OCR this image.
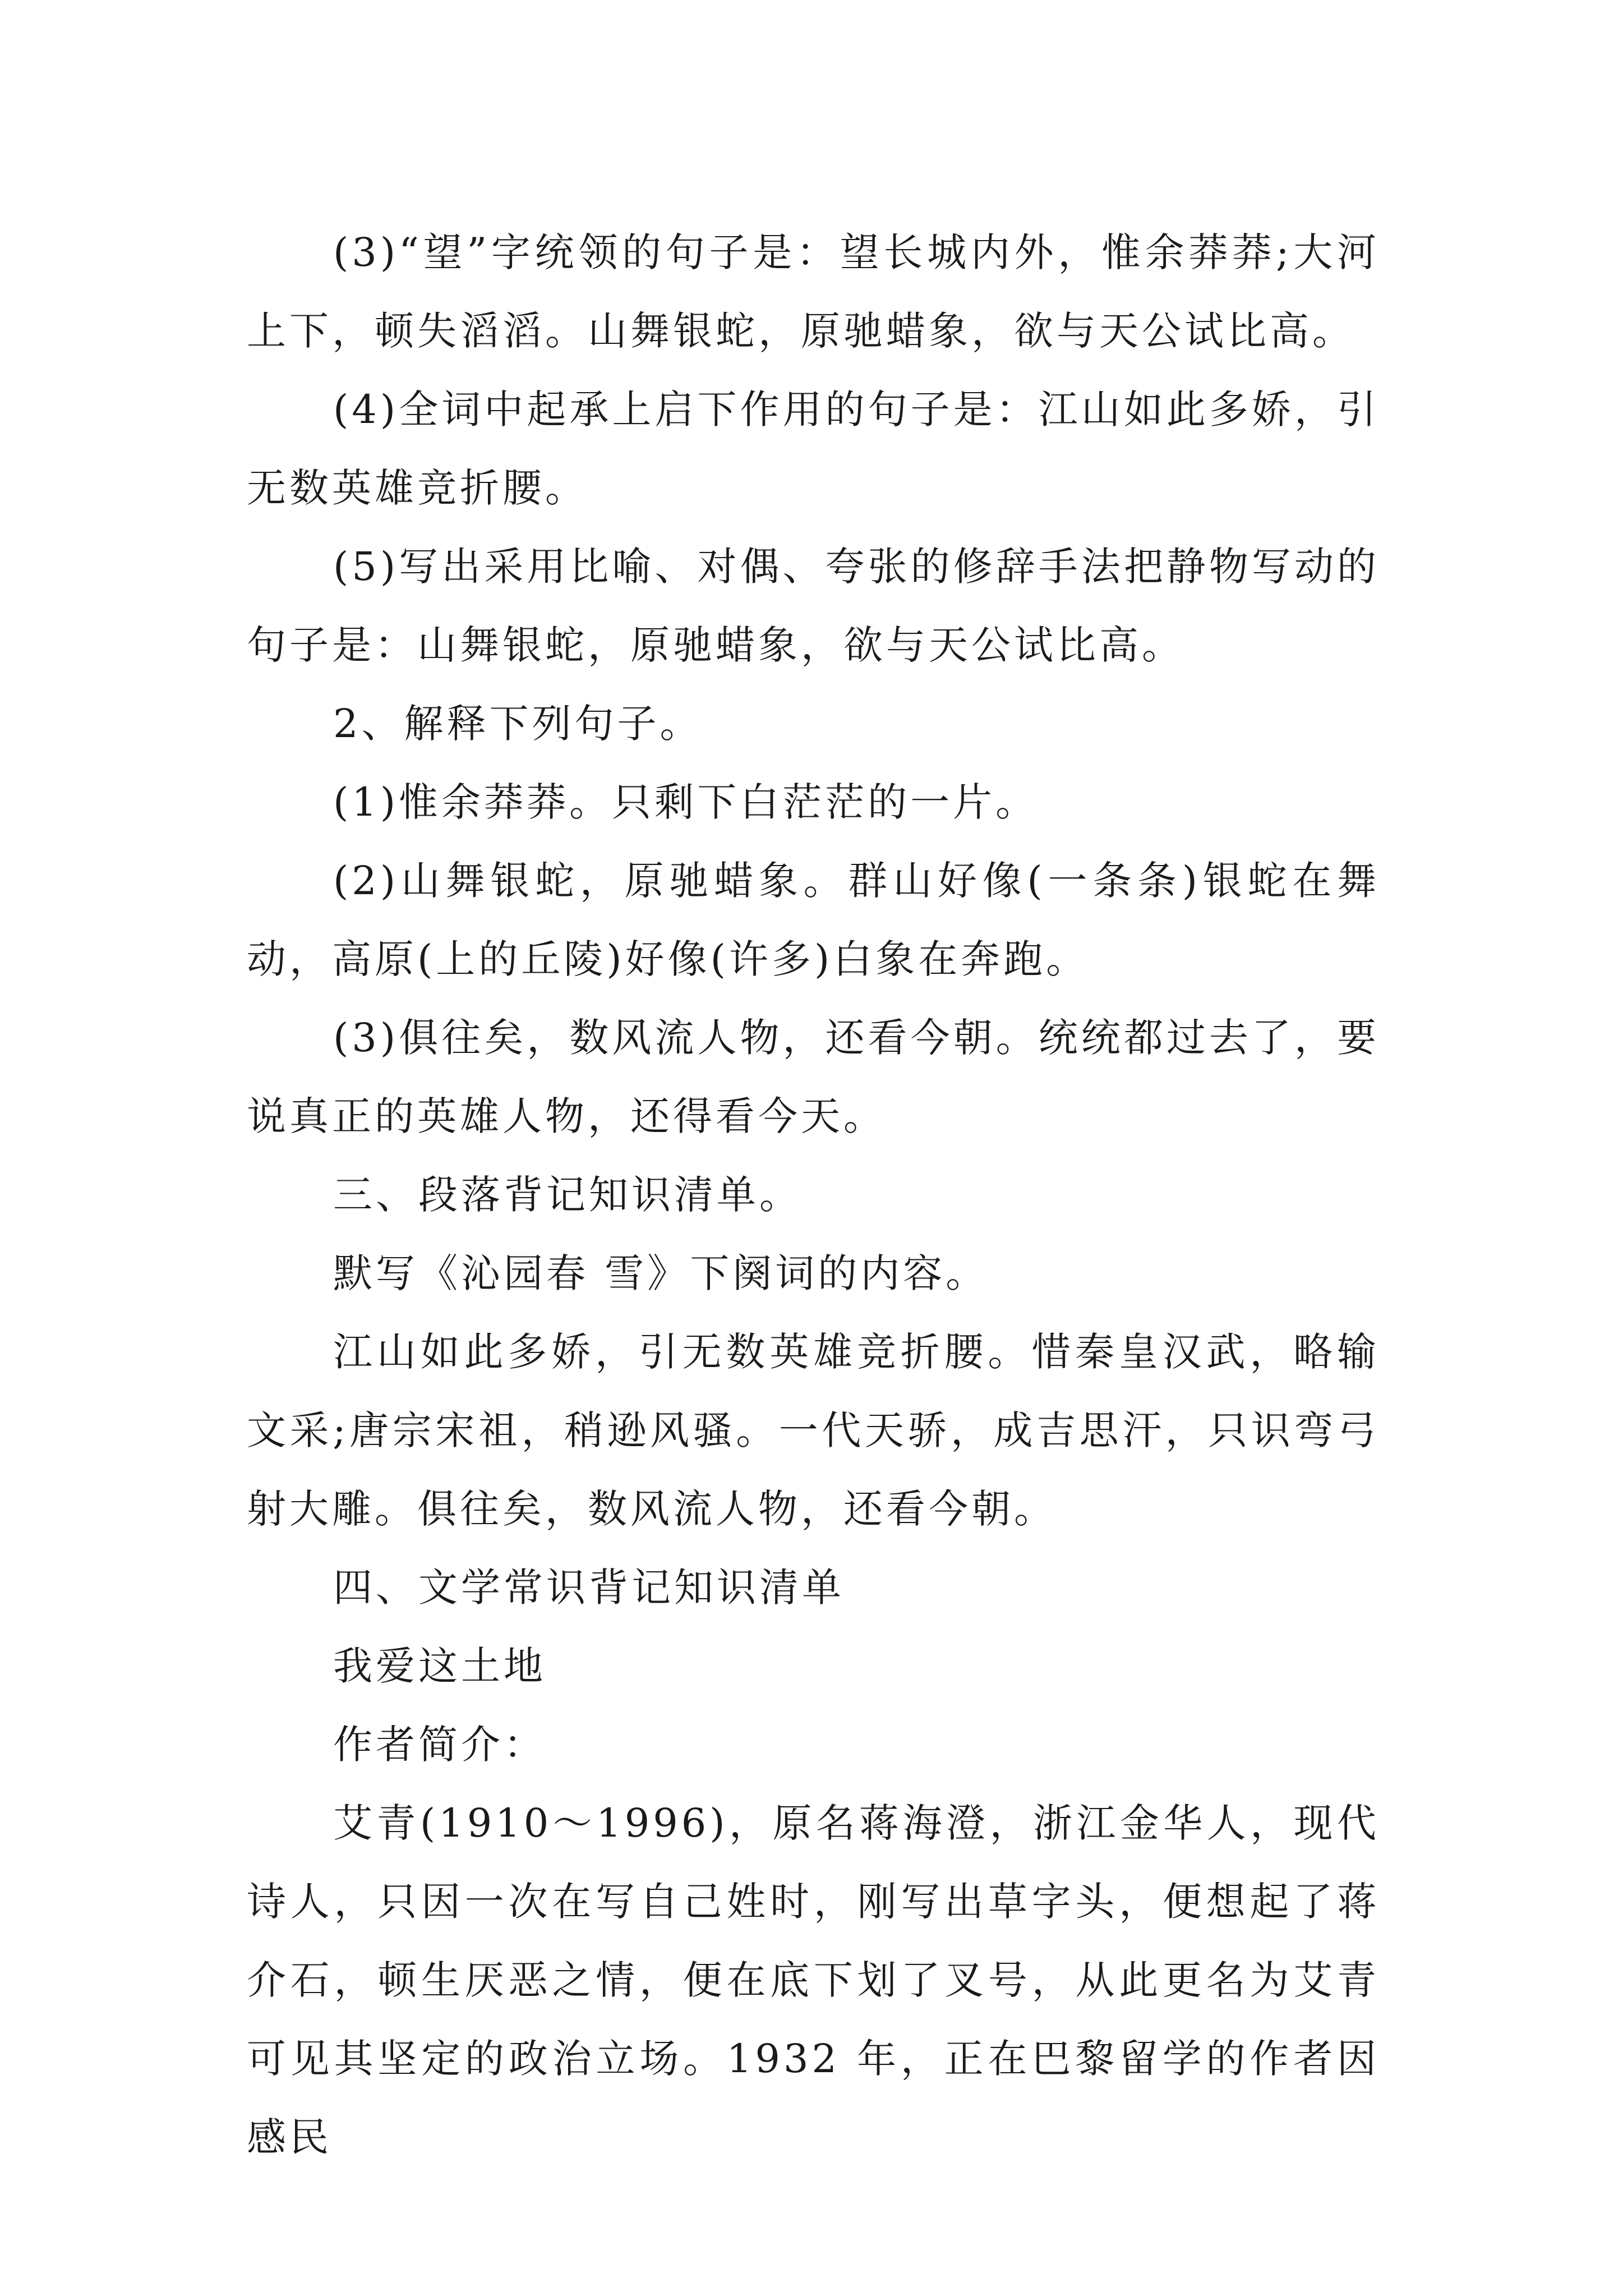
(3)“望”字统领的句子是：望长城内外，惟余莽莽;大河上下，顿失滔滔。山舞银蛇，原驰蜡象，欲与天公试比高。

(4)全词中起承上启下作用的句子是：江山如此多娇，引无数英雄竞折腰。

(5)写出采用比喻、对偶、夸张的修辞手法把静物写动的句子是：山舞银蛇，原驰蜡象，欲与天公试比高。

2、解释下列句子。

(1)惟余莽莽。只剩下白茫茫的一片。

(2)山舞银蛇，原驰蜡象。群山好像(一条条)银蛇在舞动，高原(上的丘陵)好像(许多)白象在奔跑。

(3)俱往矣，数风流人物，还看今朝。统统都过去了，要说真正的英雄人物，还得看今天。

三、段落背记知识清单。

默写《沁园春 雪》下阕词的内容。

江山如此多娇，引无数英雄竞折腰。惜秦皇汉武，略输文采;唐宗宋祖，稍逊风骚。一代天骄，成吉思汗，只识弯弓射大雕。俱往矣，数风流人物，还看今朝。

四、文学常识背记知识清单

我爱这土地

作者简介：

艾青(1910～1996)，原名蒋海澄，浙江金华人，现代诗人，只因一次在写自己姓时，刚写出草字头，便想起了蒋介石，顿生厌恶之情，便在底下划了叉号，从此更名为艾青可见其坚定的政治立场。1932 年，正在巴黎留学的作者因感民
